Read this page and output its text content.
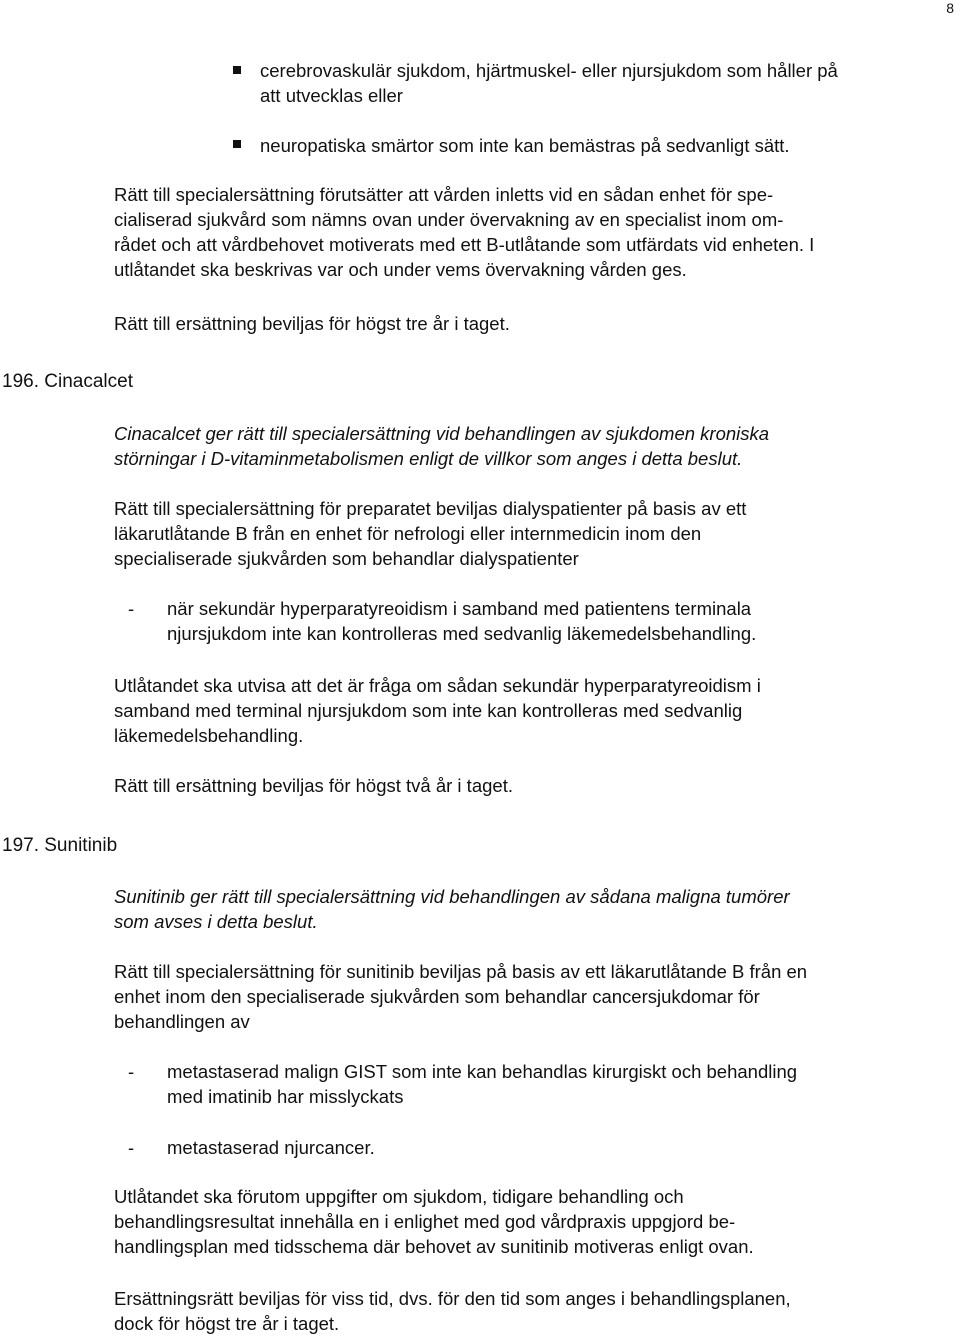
8
cerebrovaskulär sjukdom, hjärtmuskel- eller njursjukdom som håller på
att utvecklas eller
neuropatiska smärtor som inte kan bemästras på sedvanligt sätt.
Rätt till specialersättning förutsätter att vården inletts vid en sådan enhet för spe-
cialiserad sjukvård som nämns ovan under övervakning av en specialist inom om-
rådet och att vårdbehovet motiverats med ett B-utlåtande som utfärdats vid enheten. I
utlåtandet ska beskrivas var och under vems övervakning vården ges.
Rätt till ersättning beviljas för högst tre år i taget.
196. Cinacalcet
Cinacalcet ger rätt till specialersättning vid behandlingen av sjukdomen kroniska
störningar i D-vitaminmetabolismen enligt de villkor som anges i detta beslut.
Rätt till specialersättning för preparatet beviljas dialyspatienter på basis av ett
läkarutlåtande B från en enhet för nefrologi eller internmedicin inom den
specialiserade sjukvården som behandlar dialyspatienter
- när sekundär hyperparatyreoidism i samband med patientens terminala
njursjukdom inte kan kontrolleras med sedvanlig läkemedelsbehandling.
Utlåtandet ska utvisa att det är fråga om sådan sekundär hyperparatyreoidism i
samband med terminal njursjukdom som inte kan kontrolleras med sedvanlig
läkemedelsbehandling.
Rätt till ersättning beviljas för högst två år i taget.
197. Sunitinib
Sunitinib ger rätt till specialersättning vid behandlingen av sådana maligna tumörer
som avses i detta beslut.
Rätt till specialersättning för sunitinib beviljas på basis av ett läkarutlåtande B från en
enhet inom den specialiserade sjukvården som behandlar cancersjukdomar för
behandlingen av
- metastaserad malign GIST som inte kan behandlas kirurgiskt och behandling
med imatinib har misslyckats
- metastaserad njurcancer.
Utlåtandet ska förutom uppgifter om sjukdom, tidigare behandling och
behandlingsresultat innehålla en i enlighet med god vårdpraxis uppgjord be-
handlingsplan med tidsschema där behovet av sunitinib motiveras enligt ovan.
Ersättningsrätt beviljas för viss tid, dvs. för den tid som anges i behandlingsplanen,
dock för högst tre år i taget.
